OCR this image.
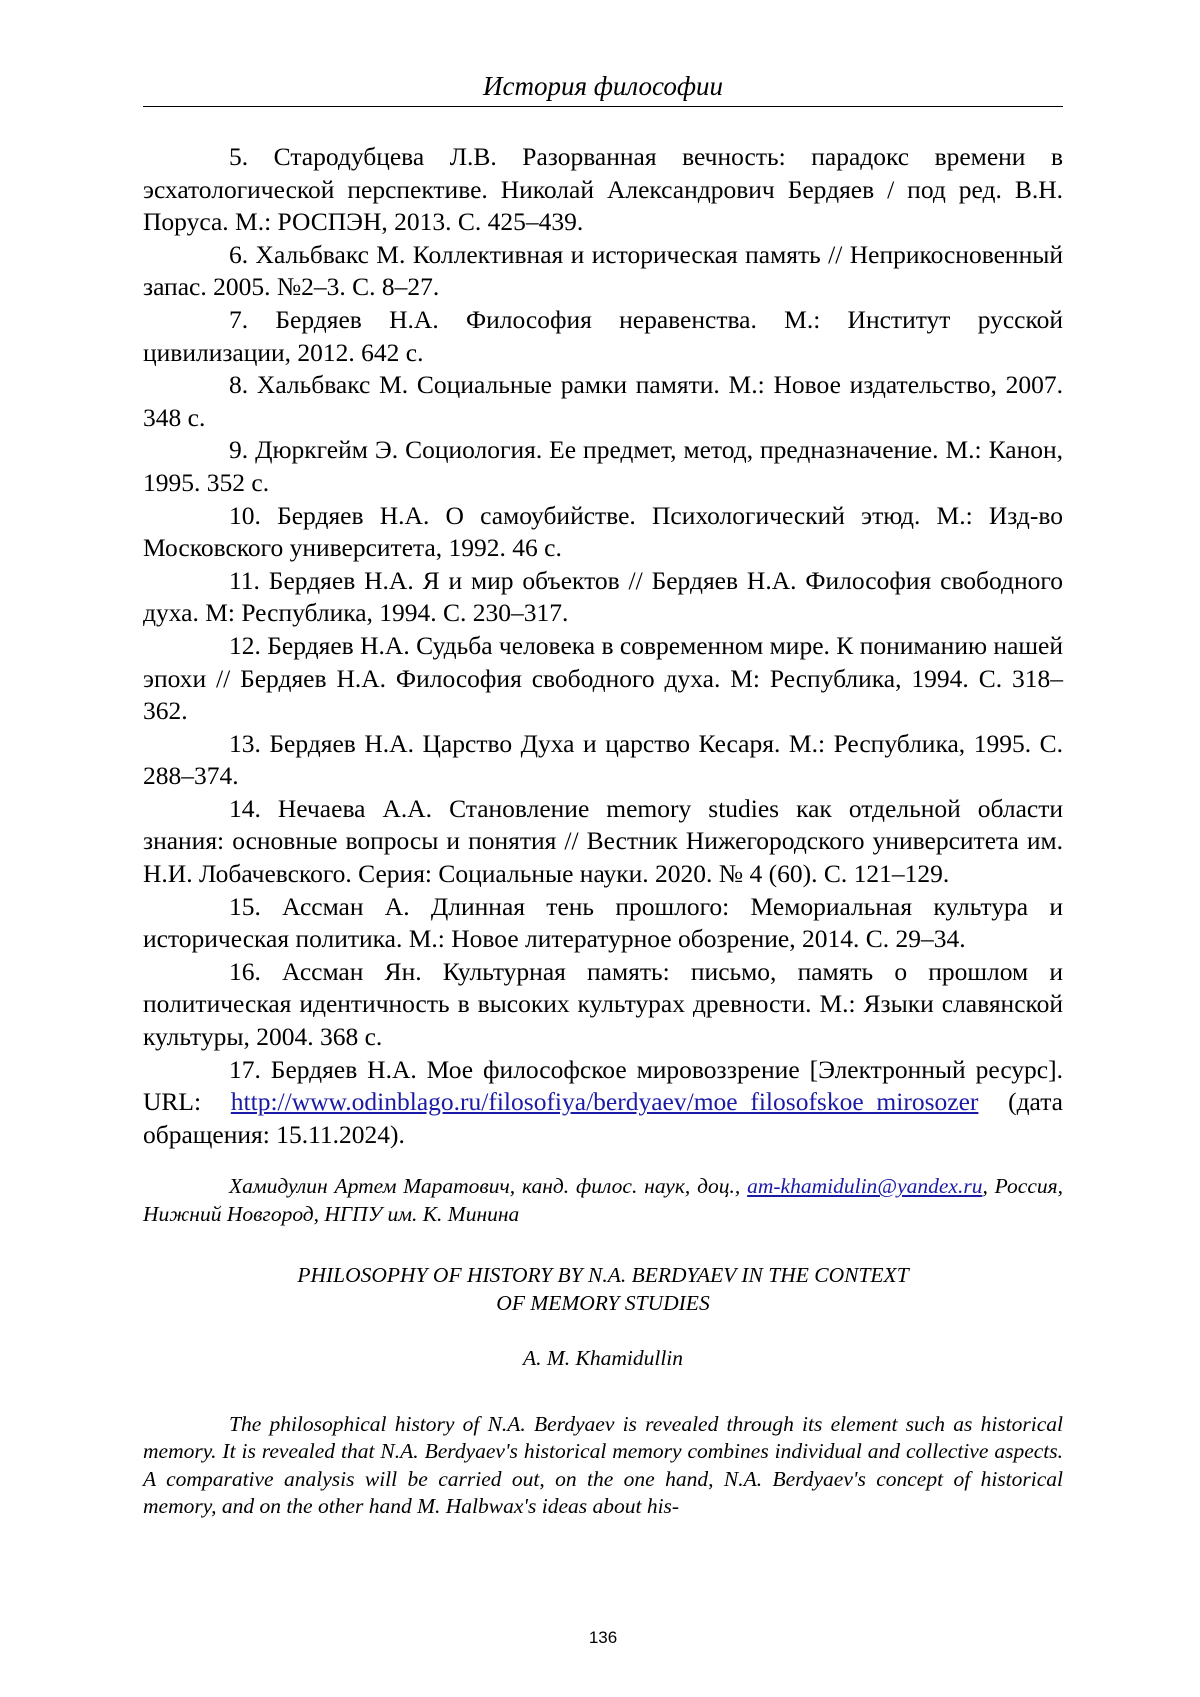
История философии

5. Стародубцева Л.В. Разорванная вечность: парадокс времени в эсхатологической перспективе. Николай Александрович Бердяев / под ред. В.Н. Поруса. М.: РОСПЭН, 2013. С. 425–439.

6. Хальбвакс М. Коллективная и историческая память // Неприкосновенный запас. 2005. №2–3. С. 8–27.

7. Бердяев Н.А. Философия неравенства. М.: Институт русской цивилизации, 2012. 642 с.

8. Хальбвакс М. Социальные рамки памяти. М.: Новое издательство, 2007. 348 с.

9. Дюркгейм Э. Социология. Ее предмет, метод, предназначение. М.: Канон, 1995. 352 с.

10. Бердяев Н.А. О самоубийстве. Психологический этюд. М.: Изд-во Московского университета, 1992. 46 с.

11. Бердяев Н.А. Я и мир объектов // Бердяев Н.А. Философия свободного духа. М: Республика, 1994. С. 230–317.

12. Бердяев Н.А. Судьба человека в современном мире. К пониманию нашей эпохи // Бердяев Н.А. Философия свободного духа. М: Республика, 1994. С. 318–362.

13. Бердяев Н.А. Царство Духа и царство Кесаря. М.: Республика, 1995. С. 288–374.

14. Нечаева А.А. Становление memory studies как отдельной области знания: основные вопросы и понятия // Вестник Нижегородского университета им. Н.И. Лобачевского. Серия: Социальные науки. 2020. № 4 (60). С. 121–129.

15. Ассман А. Длинная тень прошлого: Мемориальная культура и историческая политика. М.: Новое литературное обозрение, 2014. С. 29–34.

16. Ассман Ян. Культурная память: письмо, память о прошлом и политическая идентичность в высоких культурах древности. М.: Языки славянской культуры, 2004. 368 с.

17. Бердяев Н.А. Мое философское мировоззрение [Электронный ресурс]. URL: http://www.odinblago.ru/filosofiya/berdyaev/moe_filosofskoe_mirosozer (дата обращения: 15.11.2024).

Хамидулин Артем Маратович, канд. филос. наук, доц., am-khamidulin@yandex.ru, Россия, Нижний Новгород, НГПУ им. К. Минина
PHILOSOPHY OF HISTORY BY N.A. BERDYAEV IN THE CONTEXT
OF MEMORY STUDIES
A. M. Khamidullin
The philosophical history of N.A. Berdyaev is revealed through its element such as historical memory. It is revealed that N.A. Berdyaev's historical memory combines individual and collective aspects. A comparative analysis will be carried out, on the one hand, N.A. Berdyaev's concept of historical memory, and on the other hand M. Halbwax's ideas about his-
136
